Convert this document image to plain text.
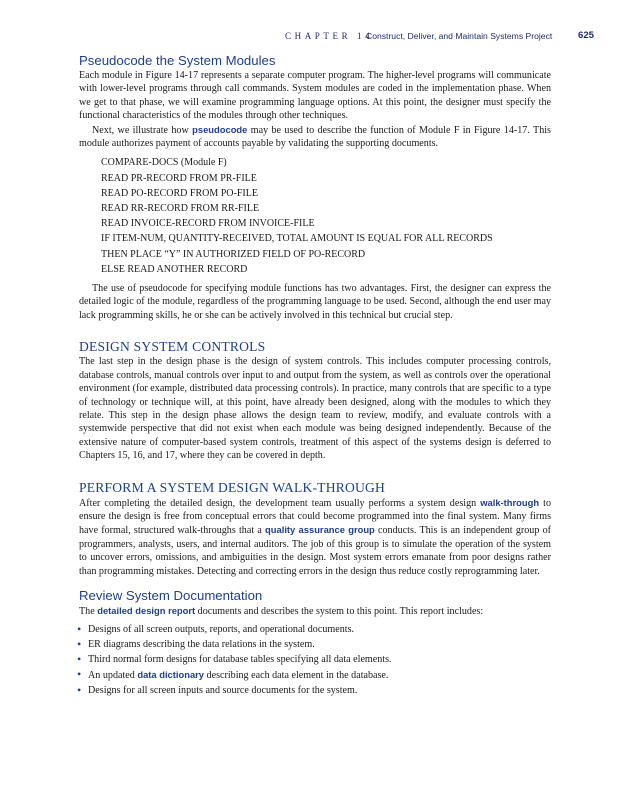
CHAPTER 14
Construct, Deliver, and Maintain Systems Project	625
Pseudocode the System Modules

Each module in Figure 14-17 represents a separate computer program. The higher-level programs will communicate with lower-level programs through call commands. System modules are coded in the implementation phase. When we get to that phase, we will examine programming language options. At this point, the designer must specify the functional characteristics of the modules through other techniques.

Next, we illustrate how pseudocode may be used to describe the function of Module F in Figure 14-17. This module authorizes payment of accounts payable by validating the supporting documents.

COMPARE-DOCS (Module F)
READ PR-RECORD FROM PR-FILE
READ PO-RECORD FROM PO-FILE
READ RR-RECORD FROM RR-FILE
READ INVOICE-RECORD FROM INVOICE-FILE
IF ITEM-NUM, QUANTITY-RECEIVED, TOTAL AMOUNT IS EQUAL FOR ALL RECORDS
THEN PLACE “Y” IN AUTHORIZED FIELD OF PO-RECORD
ELSE READ ANOTHER RECORD

The use of pseudocode for specifying module functions has two advantages. First, the designer can express the detailed logic of the module, regardless of the programming language to be used. Second, although the end user may lack programming skills, he or she can be actively involved in this technical but crucial step.

DESIGN SYSTEM CONTROLS

The last step in the design phase is the design of system controls. This includes computer processing controls, database controls, manual controls over input to and output from the system, as well as controls over the operational environment (for example, distributed data processing controls). In practice, many controls that are specific to a type of technology or technique will, at this point, have already been designed, along with the modules to which they relate. This step in the design phase allows the design team to review, modify, and evaluate controls with a systemwide perspective that did not exist when each module was being designed independently. Because of the extensive nature of computer-based system controls, treatment of this aspect of the systems design is deferred to Chapters 15, 16, and 17, where they can be covered in depth.

PERFORM A SYSTEM DESIGN WALK-THROUGH

After completing the detailed design, the development team usually performs a system design walk-through to ensure the design is free from conceptual errors that could become programmed into the final system. Many firms have formal, structured walk-throughs that a quality assurance group conducts. This is an independent group of programmers, analysts, users, and internal auditors. The job of this group is to simulate the operation of the system to uncover errors, omissions, and ambiguities in the design. Most system errors emanate from poor designs rather than programming mistakes. Detecting and correcting errors in the design thus reduce costly reprogramming later.

Review System Documentation

The detailed design report documents and describes the system to this point. This report includes:

• Designs of all screen outputs, reports, and operational documents.
• ER diagrams describing the data relations in the system.
• Third normal form designs for database tables specifying all data elements.
• An updated data dictionary describing each data element in the database.
• Designs for all screen inputs and source documents for the system.
